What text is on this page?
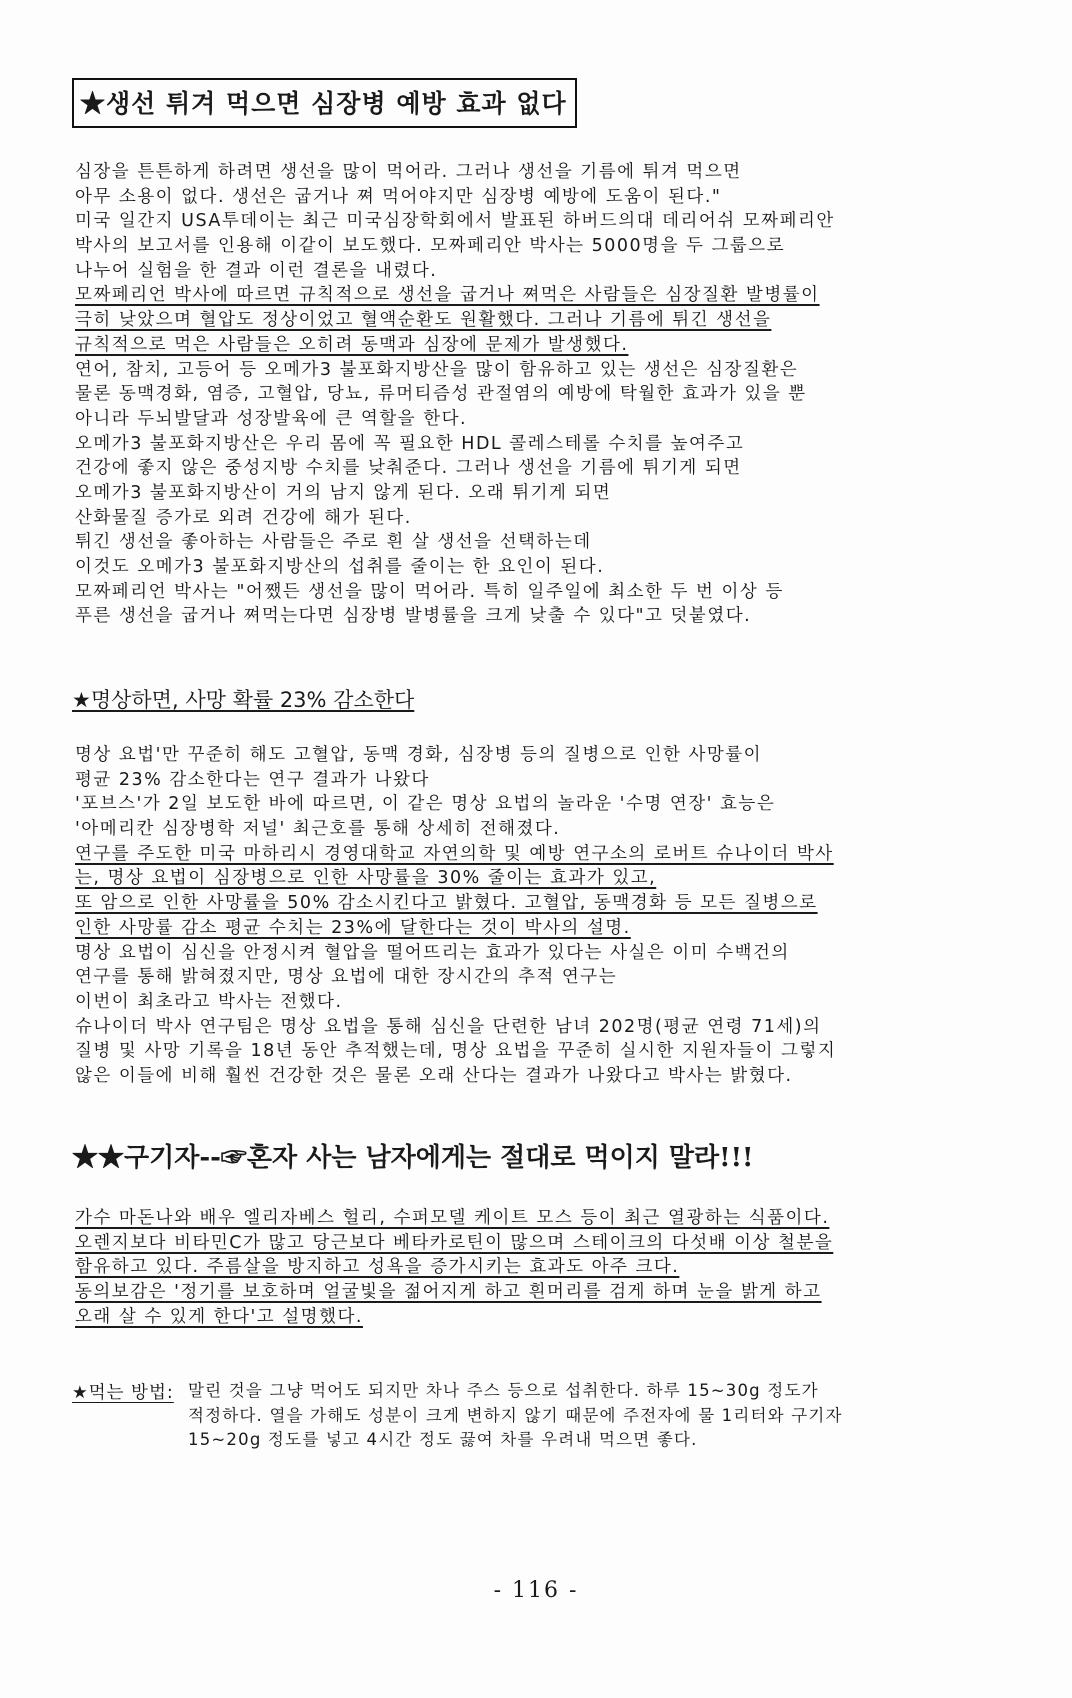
★생선 튀겨 먹으면 심장병 예방 효과 없다
심장을 튼튼하게 하려면 생선을 많이 먹어라. 그러나 생선을 기름에 튀겨 먹으면
아무 소용이 없다. 생선은 굽거나 쪄 먹어야지만 심장병 예방에 도움이 된다."
미국 일간지 USA투데이는 최근 미국심장학회에서 발표된 하버드의대 데리어쉬 모짜페리안
박사의 보고서를 인용해 이같이 보도했다. 모짜페리안 박사는 5000명을 두 그룹으로
나누어 실험을 한 결과 이런 결론을 내렸다.
모짜페리언 박사에 따르면 규칙적으로 생선을 굽거나 쪄먹은 사람들은 심장질환 발병률이
극히 낮았으며 혈압도 정상이었고 혈액순환도 원활했다. 그러나 기름에 튀긴 생선을
규칙적으로 먹은 사람들은 오히려 동맥과 심장에 문제가 발생했다.
연어, 참치, 고등어 등 오메가3 불포화지방산을 많이 함유하고 있는 생선은 심장질환은
물론 동맥경화, 염증, 고혈압, 당뇨, 류머티즘성 관절염의 예방에 탁월한 효과가 있을 뿐
아니라 두뇌발달과 성장발육에 큰 역할을 한다.
오메가3 불포화지방산은 우리 몸에 꼭 필요한 HDL 콜레스테롤 수치를 높여주고
건강에 좋지 않은 중성지방 수치를 낮춰준다. 그러나 생선을 기름에 튀기게 되면
오메가3 불포화지방산이 거의 남지 않게 된다. 오래 튀기게 되면
산화물질 증가로 외려 건강에 해가 된다.
튀긴 생선을 좋아하는 사람들은 주로 흰 살 생선을 선택하는데
이것도 오메가3 불포화지방산의 섭취를 줄이는 한 요인이 된다.
모짜페리언 박사는 "어쨌든 생선을 많이 먹어라. 특히 일주일에 최소한 두 번 이상 등
푸른 생선을 굽거나 쪄먹는다면 심장병 발병률을 크게 낮출 수 있다"고 덧붙였다.
★명상하면, 사망 확률 23% 감소한다
명상 요법'만 꾸준히 해도 고혈압, 동맥 경화, 심장병 등의 질병으로 인한 사망률이
평균 23% 감소한다는 연구 결과가 나왔다
'포브스'가 2일 보도한 바에 따르면, 이 같은 명상 요법의 놀라운 '수명 연장' 효능은
'아메리칸 심장병학 저널' 최근호를 통해 상세히 전해졌다.
연구를 주도한 미국 마하리시 경영대학교 자연의학 및 예방 연구소의 로버트 슈나이더 박사
는, 명상 요법이 심장병으로 인한 사망률을 30% 줄이는 효과가 있고,
또 암으로 인한 사망률을 50% 감소시킨다고 밝혔다. 고혈압, 동맥경화 등 모든 질병으로
인한 사망률 감소 평균 수치는 23%에 달한다는 것이 박사의 설명.
명상 요법이 심신을 안정시켜 혈압을 떨어뜨리는 효과가 있다는 사실은 이미 수백건의
연구를 통해 밝혀졌지만, 명상 요법에 대한 장시간의 추적 연구는
이번이 최초라고 박사는 전했다.
슈나이더 박사 연구팀은 명상 요법을 통해 심신을 단련한 남녀 202명(평균 연령 71세)의
질병 및 사망 기록을 18년 동안 추적했는데, 명상 요법을 꾸준히 실시한 지원자들이 그렇지
않은 이들에 비해 훨씬 건강한 것은 물론 오래 산다는 결과가 나왔다고 박사는 밝혔다.
★★구기자--☞혼자 사는 남자에게는 절대로 먹이지 말라!!!
가수 마돈나와 배우 엘리자베스 헐리, 수퍼모델 케이트 모스 등이 최근 열광하는 식품이다.
오렌지보다 비타민C가 많고 당근보다 베타카로틴이 많으며 스테이크의 다섯배 이상 철분을
함유하고 있다. 주름살을 방지하고 성욕을 증가시키는 효과도 아주 크다.
동의보감은 '정기를 보호하며 얼굴빛을 젊어지게 하고 흰머리를 검게 하며 눈을 밝게 하고
오래 살 수 있게 한다'고 설명했다.
★먹는 방법: 말린 것을 그냥 먹어도 되지만 차나 주스 등으로 섭취한다. 하루 15~30g 정도가
적정하다. 열을 가해도 성분이 크게 변하지 않기 때문에 주전자에 물 1리터와 구기자
15~20g 정도를 넣고 4시간 정도 끓여 차를 우려내 먹으면 좋다.
- 116 -
